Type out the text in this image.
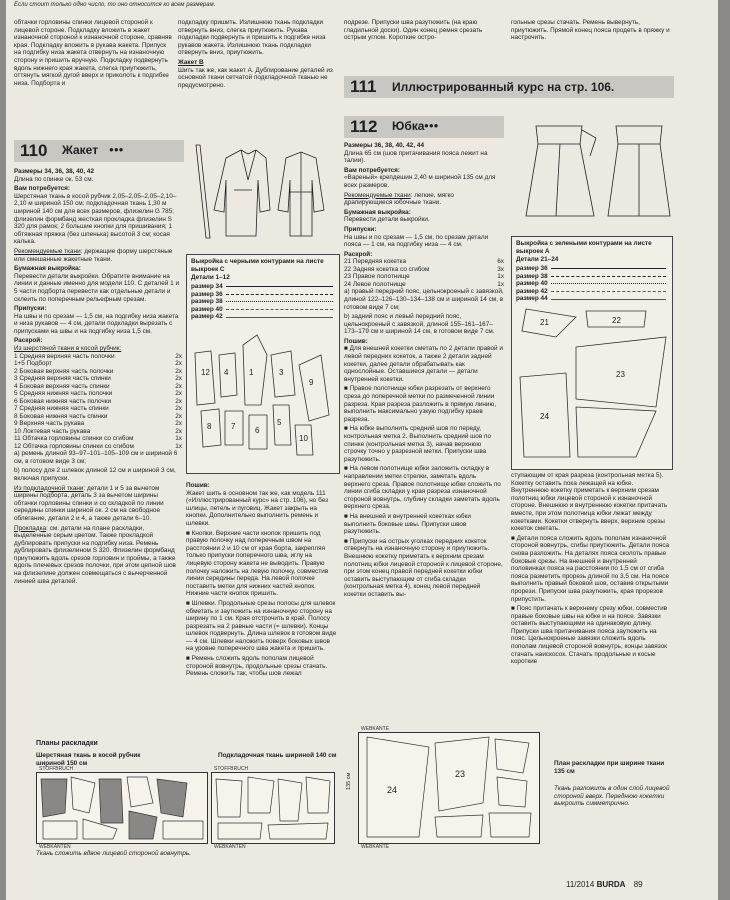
Если стоит только одно число, то оно относится ко всем размерам.
обтачки горловины спинки лицевой стороной к лицевой стороне. Подкладку вложить в жакет изнаночной стороной к изнаночной стороне, сравняв края. Подкладку вложить в рукава жакета. Припуск на подгибку низа жакета отвернуть на изнаночную сторону и пришить вручную. Подкладку подвернуть вдоль нижнего края жакета, слегка приутюжить, оттянуть мягкой дугой вверх и приколоть к подгибке низа. Подборта и

подкладку пришить. Излишнюю ткань подкладки отвернуть вниз, слегка приутюжить. Рукава подкладки подвернуть и пришить к подгибке низа рукавов жакета. Излишнюю ткань подкладки отвернуть вниз, приутюжить.

Жакет В

Шить так же, как жакет А. Дублирование деталей из основной ткани сетчатой подкладочной тканью не предусмотрено.

подрезе. Припуски шва разутюжить (на краю гладильной доски). Один конец ремня срезать острым углом. Короткие остро-
гольные срезы стачать. Ремень вывернуть, приутюжить. Прямой конец пояса продеть в пряжку и настрочить.
111 Иллюстрированный курс на стр. 106.
112 Юбка ●●●
110 Жакет ●●●
Размеры 34, 36, 38, 40, 42

Длина по спинке ок. 53 см.

Вам потребуется:

Шерстяная ткань в косой рубчик 2,05–2,05–2,05–2,10–2,10 м шириной 150 см; подкладочная ткань 1,30 м шириной 140 см для всех размеров, флизелин G 785; флизелин формбанд жесткая прокладка флизелин S 320 для рамок; 2 большие кнопки для пришивания; 1 обтяжная пряжка (без шпенька) высотой 3 см; косая калька.

Рекомендуемые ткани: держащие форму шерстяные или смешанные жакетные ткани.

Бумажная выкройка:

Перевести детали выкройки. Обратите внимание на линии и данные именно для модели 110. С деталей 1 и 5 части подборта перевести как отдельные детали и склеить по поперечным рельефным срезам.

Припуски:

На швы и по срезам — 1,5 см, на подгибку низа жакета и низа рукавов — 4 см, детали подкладки вырезать с припусками на швы и на подгибку низа 1,5 см.

Раскрой:
Из шерстяной ткани в косой рубчик:
1 Средняя верхняя часть полочки	2x
1+5 Подборт	2x
2 Боковая верхняя часть полочки	2x
3 Средняя верхняя часть спинки	2x
4 Боковая верхняя часть спинки	2x
5 Средняя нижняя часть полочки	2x
6 Боковая нижняя часть полочки	2x
7 Средняя нижняя часть спинки	2x
8 Боковая нижняя часть спинки	2x
9 Верхняя часть рукава	2x
10 Локтевая часть рукава	2x
11 Обтачка горловины спинки со сгибом	1x
12 Обтачка горловины спинки со сгибом	1x

а) ремень длиной 93–97–101–105–109 см и шириной 6 см, в готовом виде 3 см;

b) полосу для 2 шлевок длиной 12 см и шириной 3 см, включая припуски.

Из подкладочной ткани: детали 1 и 5 за вычетом ширины подборта, деталь 3 за вычетом ширины обтачки горловины спинки и со складкой по линии середины спинки шириной ок. 2 см на свободное облегание, детали 2 и 4, а также детали 6–10.

Прокладка: см. детали на плане раскладки, выделенные серым цветом. Также прокладкой дублировать припуски на подгибку низа. Ремень дублировать флизелином S 320. Флизелин формбанд приутюжить вдоль срезов горловин и проймы, а также вдоль плечевых срезов полочки, при этом цепной шов на флизелине должен совмещаться с вычерченной линией шва деталей.

Выкройка с черными контурами на листе выкроек С
Детали 1–12
размер 34
размер 36
размер 38
размер 40
размер 42
12 4	1	3
9
8 7 6
5
10
Пошив:

Жакет шить в основном так же, как модель 111 («Иллюстрированный курс» на стр. 106), но без шлицы, петель и пуговиц. Жакет закрыть на кнопки. Дополнительно выполнить ремень и шлевки.

■ Кнопки. Верхние части кнопок пришить под правую полочку над поперечным швом на расстоянии 2 и 10 см от края борта, закрепляя только припуски поперечного шва, иглу на лицевую сторону жакета не выводить. Правую полочку наложить на левую полочку, совместив линии середины переда. На левой полочке поставить метки для нижних частей кнопок. Нижние части кнопок пришить.

■ Шлевки. Продольные срезы полосы для шлевок обметать и заутюжить на изнаночную сторону на ширину по 1 см. Края отстрочить в край. Полосу разрезать на 2 равные части (= шлевки). Концы шлевок подвернуть. Длина шлевок в готовом виде — 4 см. Шлевки наложить поверх боковых швов на уровне поперечного шва жакета и пришить.

■ Ремень сложить вдоль пополам лицевой стороной вовнутрь, продольные срезы стачать. Ремень сложить так, чтобы шов лежал

Размеры 36, 38, 40, 42, 44

Длина 65 см (шов притачивания пояса лежит на талии).

Вам потребуется:

«Вареный» крепдешин 2,40 м шириной 135 см для всех размеров.

Рекомендуемые ткани: легкие, мягко драпирующиеся юбочные ткани.

Бумажная выкройка:

Перевести детали выкройки.

Припуски:

На швы и по срезам — 1,5 см, по срезам детали пояса — 1 см, на подгибку низа — 4 см.

Раскрой:
21 Передняя кокетка	6x
22 Задняя кокетка со сгибом	3x
23 Правое полотнище	1x
24 Левое полотнище	1x

а) правый передний пояс, цельнокроеный с завязкой, длиной 122–126–130–134–138 см и шириной 14 см, в готовом виде 7 см;

b) задний пояс и левый передний пояс, цельнокроеный с завязкой, длиной 155–161–167–173–179 см и шириной 14 см, в готовом виде 7 см.

Пошив:

■ Для внешней кокетки сметать по 2 детали правой и левой передних кокеток, а также 2 детали задней кокетки, далее детали обрабатывать как однослойные. Оставшиеся детали — детали внутренней кокетки.

■ Правое полотнище юбки разрезать от верхнего среза до поперечной метки по размеченной линии разреза. Края разреза разложить в прямую линию, выполнить максимально узкую подгибку краев разреза.

■ На юбке выполнить средний шов по переду, контрольная метка 2. Выполнить средний шов по спинке (контрольная метка 3), начав верхнюю строчку точно у разрезной метки. Припуски шва разутюжить.

■ На левом полотнище юбки заложить складку в направлении метки стрелки, заметать вдоль верхнего среза. Правое полотнище юбки сложить по линии сгиба складки у края разреза изнаночной стороной вовнутрь, глубину складки заметать вдоль верхнего среза.

■ На внешней и внутренней кокетках юбки выполнить боковые швы. Припуски швов разутюжить.

■ Припуски на острых уголках передних кокеток отвернуть на изнаночную сторону и приутюжить. Внешнюю кокетку приметать к верхним срезам полотниц юбки лицевой стороной к лицевой стороне, при этом конец правой передней кокетки юбки оставить выступающим от сгиба складки (контрольная метка 4), конец левой передней кокетки оставить вы-

Выкройка с зелеными контурами на листе выкроек А
Детали 21–24
размер 36
размер 38
размер 40
размер 42
размер 44
21	22
23
24

ступающим от края разреза (контрольная метка 5). Кокетку оставить пока лежащей на юбке. Внутреннюю кокетку приметать к верхним срезам полотниц юбки лицевой стороной к изнаночной стороне. Внешнюю и внутреннюю кокетки притачать вместе, при этом полотница юбки лежат между кокетками. Кокетки отвернуть вверх, верхние срезы кокеток сметать.

■ Детали пояса сложить вдоль пополам изнаночной стороной вовнутрь, сгибы приутюжить. Детали пояса снова разложить. На деталях пояса сколоть правые боковые срезы. На внешней и внутренней половинках пояса на расстоянии по 1,5 см от сгиба пояса разметить прорезь длиной по 3,5 см. На поясе выполнить правый боковой шов, оставив открытыми прорези. Припуски шва разутюжить, края прорезов припустить.

■ Пояс притачать к верхнему срезу юбки, совместив правые боковые швы на юбке и на поясе. Завязки оставить выступающими на одинаковую длину. Припуски шва притачивания пояса заутюжить на пояс. Цельнокроеные завязки сложить вдоль пополам лицевой стороной вовнутрь, концы завязок стачать наискосок. Стачать продольные и косые короткие

Планы раскладки
Шерстяная ткань в косой рубчик шириной 150 см
Подкладочная ткань шириной 140 см
STOFFBRUCH
WEBKANTEN
STOFFBRUCH
WEBKANTEN
Ткань сложить вдвое лицевой стороной вовнутрь.
WEBKANTE
WEBKANTE
24
23
135 см
План раскладки при ширине ткани 135 см
Ткань разложить в один слой лицевой стороной вверх. Переднюю кокетки выкроить симметрично.
11/2014 BURDA 89
